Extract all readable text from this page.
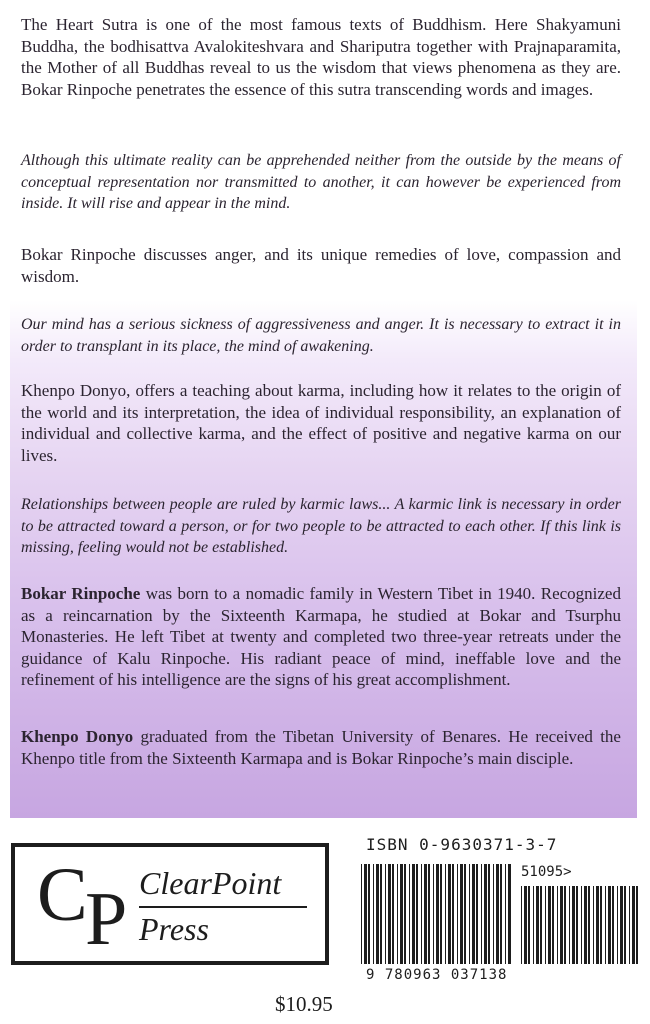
The Heart Sutra is one of the most famous texts of Buddhism. Here Shakyamuni Buddha, the bodhisattva Avalokiteshvara and Shariputra together with Prajnaparamita, the Mother of all Buddhas reveal to us the wisdom that views phenomena as they are. Bokar Rinpoche penetrates the essence of this sutra transcending words and images.

Although this ultimate reality can be apprehended neither from the outside by the means of conceptual representation nor transmitted to another, it can however be experienced from inside. It will rise and appear in the mind.

Bokar Rinpoche discusses anger, and its unique remedies of love, compassion and wisdom.

Our mind has a serious sickness of aggressiveness and anger. It is necessary to extract it in order to transplant in its place, the mind of awakening.

Khenpo Donyo, offers a teaching about karma, including how it relates to the origin of the world and its interpretation, the idea of individual responsibility, an explanation of individual and collective karma, and the effect of positive and negative karma on our lives.

Relationships between people are ruled by karmic laws... A karmic link is necessary in order to be attracted toward a person, or for two people to be attracted to each other. If this link is missing, feeling would not be established.

Bokar Rinpoche was born to a nomadic family in Western Tibet in 1940. Recognized as a reincarnation by the Sixteenth Karmapa, he studied at Bokar and Tsurphu Monasteries. He left Tibet at twenty and completed two three-year retreats under the guidance of Kalu Rinpoche. His radiant peace of mind, ineffable love and the refinement of his intelligence are the signs of his great accomplishment.

Khenpo Donyo graduated from the Tibetan University of Benares. He received the Khenpo title from the Sixteenth Karmapa and is Bokar Rinpoche’s main disciple.

C
P ClearPoint
Press
ISBN 0-9630371-3-7
51095>
9 780963 037138
$10.95
